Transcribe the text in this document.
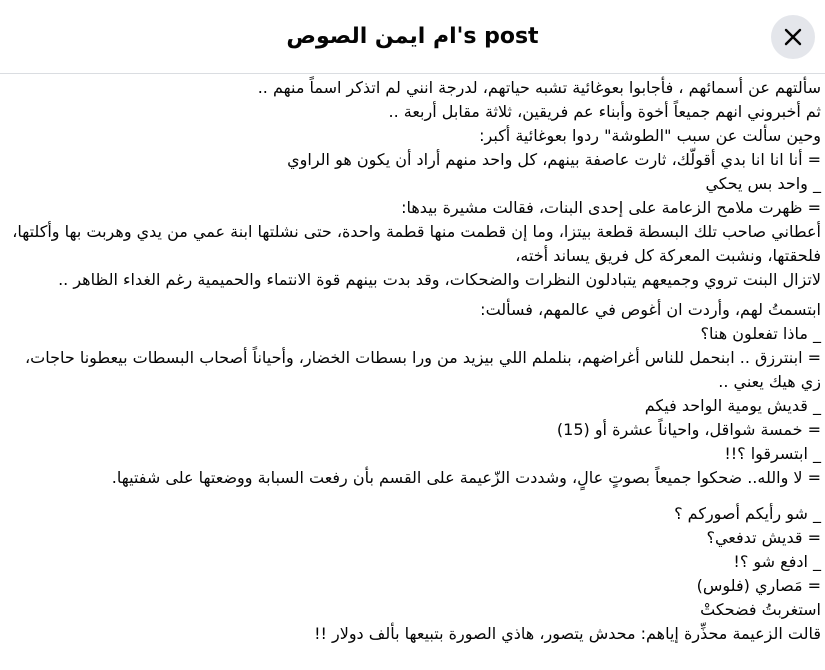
ام ايمن الصوص's post

سألتهم عن أسمائهم ، فأجابوا بعوغائية تشبه حياتهم، لدرجة انني لم اتذكر اسماً منهم ..

ثم أخبروني انهم جميعاً أخوة وأبناء عم فريقين، ثلاثة مقابل أربعة ..

وحين سألت عن سبب "الطوشة" ردوا بعوغائية أكبر:

= أنا انا انا بدي أقولّك، ثارت عاصفة بينهم، كل واحد منهم أراد أن يكون هو الراوي

_ واحد بس يحكي

= ظهرت ملامح الزعامة على إحدى البنات، فقالت مشيرة بيدها:

أعطاني صاحب تلك البسطة قطعة بيتزا، وما إن قطمت منها قطمة واحدة، حتى نشلتها ابنة عمي من يدي وهربت بها وأكلتها، فلحقتها، ونشبت المعركة كل فريق يساند أخته،

لاتزال البنت تروي وجميعهم يتبادلون النظرات والضحكات، وقد بدت بينهم قوة الانتماء والحميمية رغم الغداء الظاهر ..

ابتسمتُ لهم، وأردت ان أغوص في عالمهم، فسألت:

_ ماذا تفعلون هنا؟

= ابنترزق .. ابنحمل للناس أغراضهم، بنلملم اللي بيزيد من ورا بسطات الخضار، وأحياناً أصحاب البسطات بيعطونا حاجات، زي هيك يعني ..

_ قديش يومية الواحد فيكم

= خمسة شواقل، واحياناً عشرة أو (15)

_ ابتسرقوا ؟!!

= لا والله.. ضحكوا جميعاً بصوتٍ عالٍ، وشددت الزّعيمة على القسم بأن رفعت السبابة ووضعتها على شفتيها.

_ شو رأيكم أصوركم ؟

= قديش تدفعي؟

_ ادفع شو ؟!

= مَصاري (فلوس)

استغربتُ فضحكتْ

قالت الزعيمة محذِّرة إياهم: محدش يتصور، هاذي الصورة بتبيعها بألف دولار !!
